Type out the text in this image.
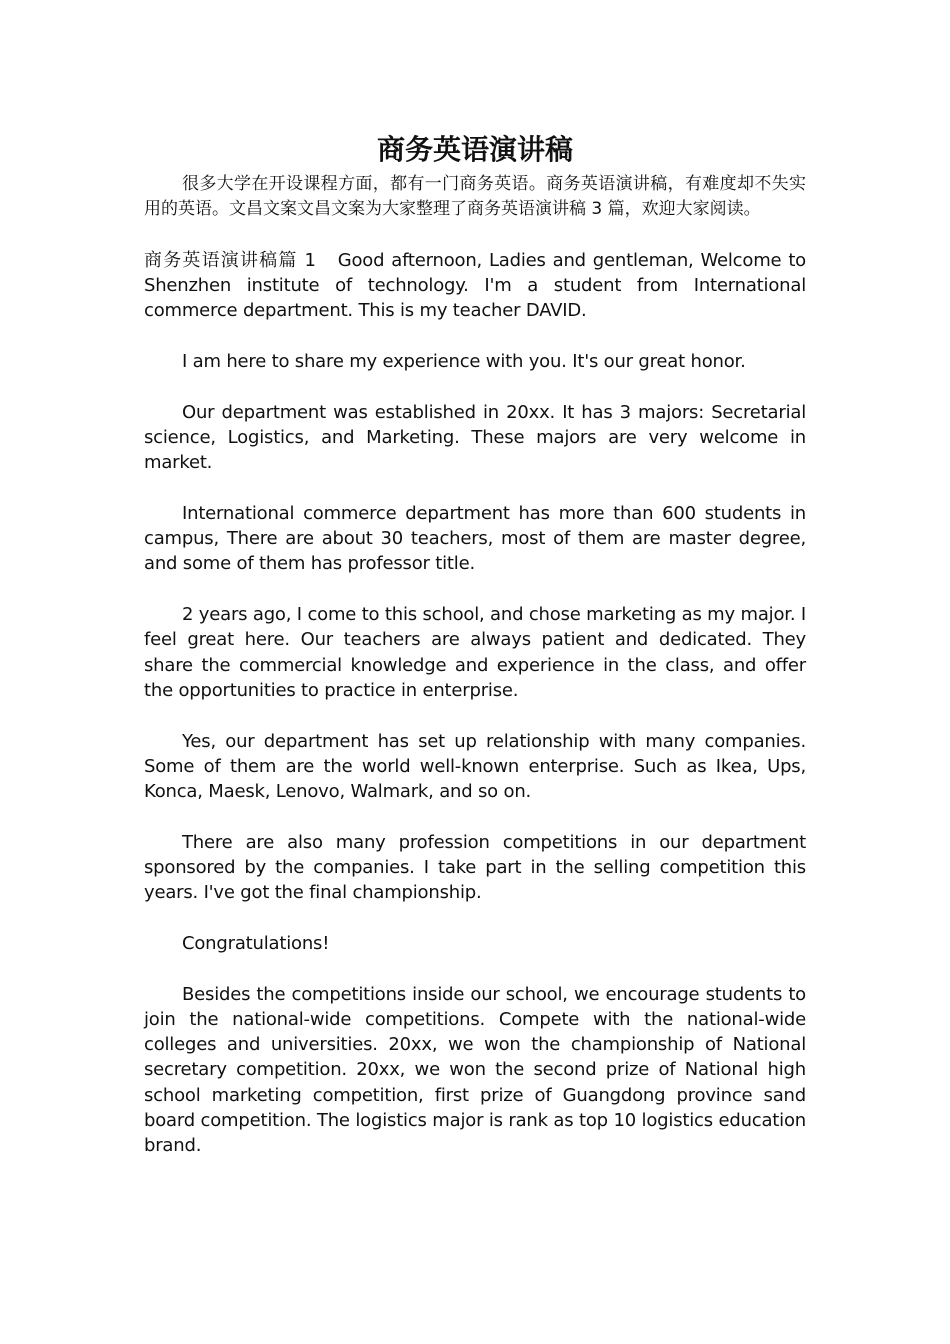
商务英语演讲稿

很多大学在开设课程方面，都有一门商务英语。商务英语演讲稿，有难度却不失实用的英语。文昌文案文昌文案为大家整理了商务英语演讲稿 3 篇，欢迎大家阅读。

商务英语演讲稿篇 1 Good afternoon, Ladies and gentleman, Welcome to Shenzhen institute of technology. I'm a student from International commerce department. This is my teacher DAVID.

I am here to share my experience with you. It's our great honor.

Our department was established in 20xx. It has 3 majors: Secretarial science, Logistics, and Marketing. These majors are very welcome in market.

International commerce department has more than 600 students in campus, There are about 30 teachers, most of them are master degree, and some of them has professor title.

2 years ago, I come to this school, and chose marketing as my major. I feel great here. Our teachers are always patient and dedicated. They share the commercial knowledge and experience in the class, and offer the opportunities to practice in enterprise.

Yes, our department has set up relationship with many companies. Some of them are the world well-known enterprise. Such as Ikea, Ups, Konca, Maesk, Lenovo, Walmark, and so on.

There are also many profession competitions in our department sponsored by the companies. I take part in the selling competition this years. I've got the final championship.

Congratulations!

Besides the competitions inside our school, we encourage students to join the national-wide competitions. Compete with the national-wide colleges and universities. 20xx, we won the championship of National secretary competition. 20xx, we won the second prize of National high school marketing competition, first prize of Guangdong province sand board competition. The logistics major is rank as top 10 logistics education brand.
